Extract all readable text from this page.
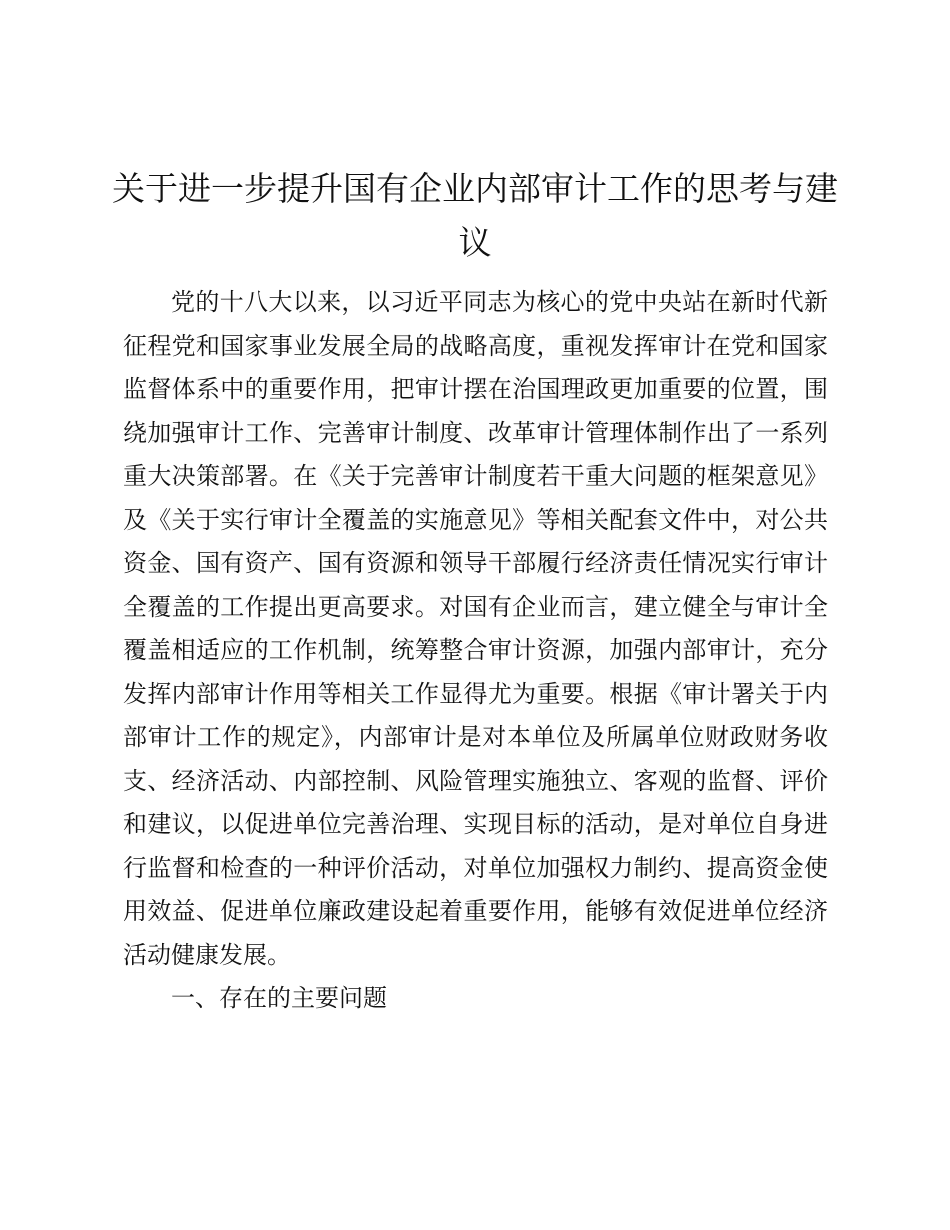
关于进一步提升国有企业内部审计工作的思考与建议

党的十八大以来，以习近平同志为核心的党中央站在新时代新征程党和国家事业发展全局的战略高度，重视发挥审计在党和国家监督体系中的重要作用，把审计摆在治国理政更加重要的位置，围绕加强审计工作、完善审计制度、改革审计管理体制作出了一系列重大决策部署。在《关于完善审计制度若干重大问题的框架意见》及《关于实行审计全覆盖的实施意见》等相关配套文件中，对公共资金、国有资产、国有资源和领导干部履行经济责任情况实行审计全覆盖的工作提出更高要求。对国有企业而言，建立健全与审计全覆盖相适应的工作机制，统筹整合审计资源，加强内部审计，充分发挥内部审计作用等相关工作显得尤为重要。根据《审计署关于内部审计工作的规定》，内部审计是对本单位及所属单位财政财务收支、经济活动、内部控制、风险管理实施独立、客观的监督、评价和建议，以促进单位完善治理、实现目标的活动，是对单位自身进行监督和检查的一种评价活动，对单位加强权力制约、提高资金使用效益、促进单位廉政建设起着重要作用，能够有效促进单位经济活动健康发展。

一、存在的主要问题
